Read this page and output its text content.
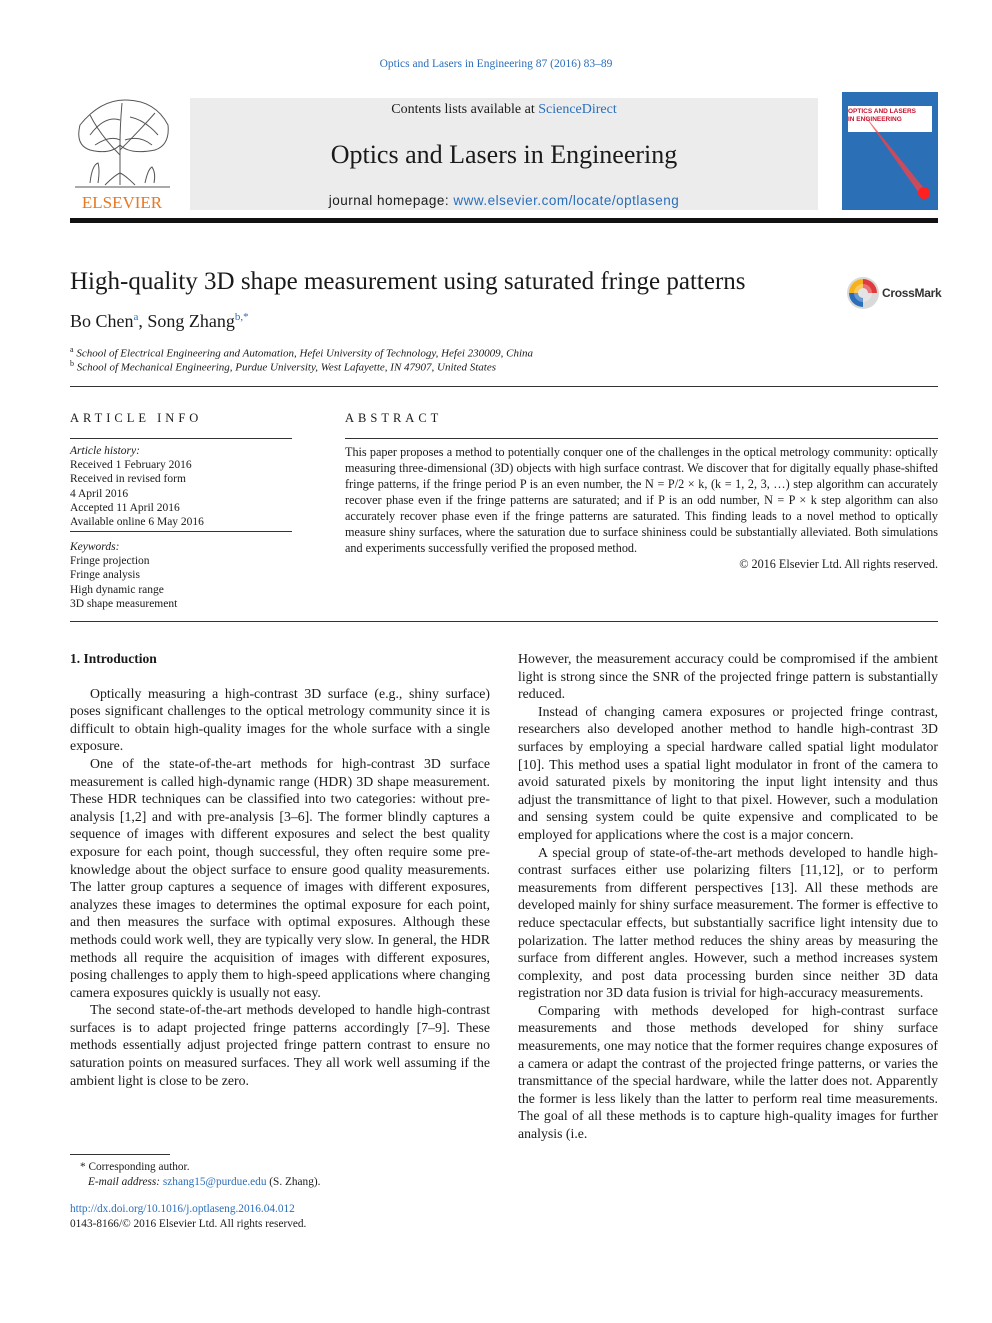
Optics and Lasers in Engineering 87 (2016) 83–89
ELSEVIER
Contents lists available at ScienceDirect
Optics and Lasers in Engineering
journal homepage: www.elsevier.com/locate/optlaseng
OPTICS AND LASERS
IN ENGINEERING
High-quality 3D shape measurement using saturated fringe patterns	CrossMark
Bo Chen$^a$, Song Zhang$^{b,*}$
$^a$ School of Electrical Engineering and Automation, Hefei University of Technology, Hefei 230009, China
$^b$ School of Mechanical Engineering, Purdue University, West Lafayette, IN 47907, United States
ARTICLE INFO
Article history:
Received 1 February 2016
Received in revised form
4 April 2016
Accepted 11 April 2016
Available online 6 May 2016
Keywords:
Fringe projection
Fringe analysis
High dynamic range
3D shape measurement
ABSTRACT
This paper proposes a method to potentially conquer one of the challenges in the optical metrology community: optically measuring three-dimensional (3D) objects with high surface contrast. We discover that for digitally equally phase-shifted fringe patterns, if the fringe period P is an even number, the N = P/2 × k, (k = 1, 2, 3, …) step algorithm can accurately recover phase even if the fringe patterns are saturated; and if P is an odd number, N = P × k step algorithm can also accurately recover phase even if the fringe patterns are saturated. This finding leads to a novel method to optically measure shiny surfaces, where the saturation due to surface shininess could be substantially alleviated. Both simulations and experiments successfully verified the proposed method.
© 2016 Elsevier Ltd. All rights reserved.
1. Introduction

Optically measuring a high-contrast 3D surface (e.g., shiny surface) poses significant challenges to the optical metrology community since it is difficult to obtain high-quality images for the whole surface with a single exposure.

One of the state-of-the-art methods for high-contrast 3D surface measurement is called high-dynamic range (HDR) 3D shape measurement. These HDR techniques can be classified into two categories: without pre-analysis [1,2] and with pre-analysis [3–6]. The former blindly captures a sequence of images with different exposures and select the best quality exposure for each point, though successful, they often require some pre-knowledge about the object surface to ensure good quality measurements. The latter group captures a sequence of images with different exposures, analyzes these images to determines the optimal exposure for each point, and then measures the surface with optimal exposures. Although these methods could work well, they are typically very slow. In general, the HDR methods all require the acquisition of images with different exposures, posing challenges to apply them to high-speed applications where changing camera exposures quickly is usually not easy.

The second state-of-the-art methods developed to handle high-contrast surfaces is to adapt projected fringe patterns accordingly [7–9]. These methods essentially adjust projected fringe pattern contrast to ensure no saturation points on measured surfaces. They all work well assuming if the ambient light is close to be zero.

However, the measurement accuracy could be compromised if the ambient light is strong since the SNR of the projected fringe pattern is substantially reduced.

Instead of changing camera exposures or projected fringe contrast, researchers also developed another method to handle high-contrast 3D surfaces by employing a special hardware called spatial light modulator [10]. This method uses a spatial light modulator in front of the camera to avoid saturated pixels by monitoring the input light intensity and thus adjust the transmittance of light to that pixel. However, such a modulation and sensing system could be quite expensive and complicated to be employed for applications where the cost is a major concern.

A special group of state-of-the-art methods developed to handle high-contrast surfaces either use polarizing filters [11,12], or to perform measurements from different perspectives [13]. All these methods are developed mainly for shiny surface measurement. The former is effective to reduce spectacular effects, but substantially sacrifice light intensity due to polarization. The latter method reduces the shiny areas by measuring the surface from different angles. However, such a method increases system complexity, and post data processing burden since neither 3D data registration nor 3D data fusion is trivial for high-accuracy measurements.

Comparing with methods developed for high-contrast surface measurements and those methods developed for shiny surface measurements, one may notice that the former requires change exposures of a camera or adapt the contrast of the projected fringe patterns, or varies the transmittance of the special hardware, while the latter does not. Apparently the former is less likely than the latter to perform real time measurements. The goal of all these methods is to capture high-quality images for further analysis (i.e.

* Corresponding author.
E-mail address: szhang15@purdue.edu (S. Zhang).
http://dx.doi.org/10.1016/j.optlaseng.2016.04.012
0143-8166/© 2016 Elsevier Ltd. All rights reserved.
